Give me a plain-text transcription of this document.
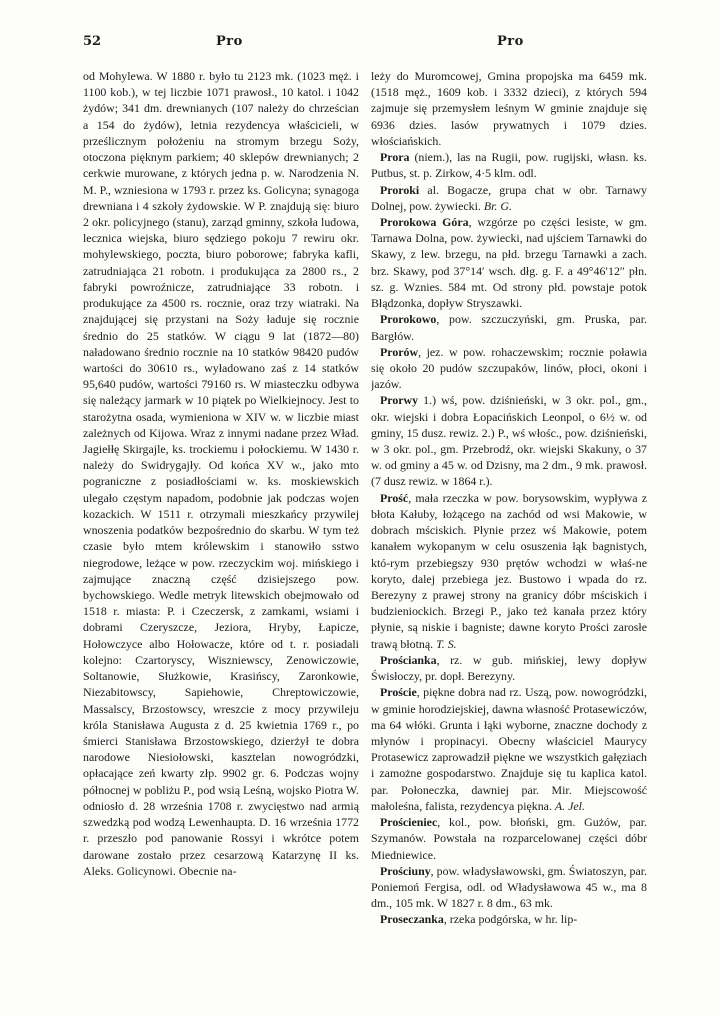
52	Pro	Pro

od Mohylewa. W 1880 r. było tu 2123 mk. (1023 męż. i 1100 kob.), w tej liczbie 1071 prawosł., 10 katol. i 1042 żydów; 341 dm. drewnianych (107 należy do chrześcian a 154 do żydów), letnia rezydencya właścicieli, w prześlicznym położeniu na stromym brzegu Soży, otoczona pięknym parkiem; 40 sklepów drewnianych; 2 cerkwie murowane, z których jedna p. w. Narodzenia N. M. P., wzniesiona w 1793 r. przez ks. Golicyna; synagoga drewniana i 4 szkoły żydowskie. W P. znajdują się: biuro 2 okr. policyjnego (stanu), zarząd gminny, szkoła ludowa, lecznica wiejska, biuro sędziego pokoju 7 rewiru okr. mohylewskiego, poczta, biuro poborowe; fabryka kafli, zatrudniająca 21 robotn. i produkująca za 2800 rs., 2 fabryki powroźnicze, zatrudniające 33 robotn. i produkujące za 4500 rs. rocznie, oraz trzy wiatraki. Na znajdującej się przystani na Soży ładuje się rocznie średnio do 25 statków. W ciągu 9 lat (1872—80) naładowano średnio rocznie na 10 statków 98420 pudów wartości do 30610 rs., wyładowano zaś z 14 statków 95,640 pudów, wartości 79160 rs. W miasteczku odbywa się należący jarmark w 10 piątek po Wielkiejnocy. Jest to starożytna osada, wymieniona w XIV w. w liczbie miast zależnych od Kijowa. Wraz z innymi nadane przez Wład. Jagiełłę Skirgajle, ks. trockiemu i połockiemu. W 1430 r. należy do Swidrygajły. Od końca XV w., jako mto pograniczne z posiadłościami w. ks. moskiewskich ulegało częstym napadom, podobnie jak podczas wojen kozackich. W 1511 r. otrzymali mieszkańcy przywilej wnoszenia podatków bezpośrednio do skarbu. W tym też czasie było mtem królewskim i stanowiło sstwo niegrodowe, leżące w pow. rzeczyckim woj. mińskiego i zajmujące znaczną część dzisiejszego pow. bychowskiego. Wedle metryk litewskich obejmowało od 1518 r. miasta: P. i Czeczersk, z zamkami, wsiami i dobrami Czeryszcze, Jeziora, Hryby, Łapicze, Hołowczyce albo Hołowacze, które od t. r. posiadali kolejno: Czartoryscy, Wiszniewscy, Zenowiczowie, Soltanowie, Służkowie, Krasińscy, Zaronkowie, Niezabitowscy, Sapiehowie, Chreptowiczowie, Massalscy, Brzostowscy, wreszcie z mocy przywileju króla Stanisława Augusta z d. 25 kwietnia 1769 r., po śmierci Stanisława Brzostowskiego, dzierżył te dobra narodowe Niesiołowski, kasztelan nowogródzki, opłacające zeń kwarty złp. 9902 gr. 6. Podczas wojny północnej w pobliżu P., pod wsią Leśną, wojsko Piotra W. odniosło d. 28 września 1708 r. zwycięstwo nad armią szwedzką pod wodzą Lewenhaupta. D. 16 września 1772 r. przeszło pod panowanie Rossyi i wkrótce potem darowane zostało przez cesarzową Katarzynę II ks. Aleks. Golicynowi. Obecnie na-

leży do Muromcowej, Gmina propojska ma 6459 mk. (1518 męż., 1609 kob. i 3332 dzieci), z których 594 zajmuje się przemysłem leśnym W gminie znajduje się 6936 dzies. lasów prywatnych i 1079 dzies. włościańskich.

Prora (niem.), las na Rugii, pow. rugijski, własn. ks. Putbus, st. p. Zirkow, 4·5 klm. odl.

Proroki al. Bogacze, grupa chat w obr. Tarnawy Dolnej, pow. żywiecki. Br. G.

Prorokowa Góra, wzgórze po części lesiste, w gm. Tarnawa Dolna, pow. żywiecki, nad ujściem Tarnawki do Skawy, z lew. brzegu, na płd. brzegu Tarnawki a zach. brz. Skawy, pod 37°14′ wsch. dłg. g. F. a 49°46′12″ płn. sz. g. Wznies. 584 mt. Od strony płd. powstaje potok Błądzonka, dopływ Stryszawki.

Prorokowo, pow. szczuczyński, gm. Pruska, par. Bargłów.

Prorów, jez. w pow. rohaczewskim; rocznie poławia się około 20 pudów szczupaków, linów, płoci, okoni i jazów.

Prorwy 1.) wś, pow. dziśnieński, w 3 okr. pol., gm., okr. wiejski i dobra Łopacińskich Leonpol, o 6½ w. od gminy, 15 dusz. rewiz. 2.) P., wś włośc., pow. dziśnieński, w 3 okr. pol., gm. Przebrodź, okr. wiejski Skakuny, o 37 w. od gminy a 45 w. od Dzisny, ma 2 dm., 9 mk. prawosł. (7 dusz rewiz. w 1864 r.).

Prość, mała rzeczka w pow. borysowskim, wypływa z błota Kałuby, łożącego na zachód od wsi Makowie, w dobrach mściskich. Płynie przez wś Makowie, potem kanałem wykopanym w celu osuszenia łąk bagnistych, któ-rym przebiegszy 930 prętów wchodzi w właś-ne koryto, dalej przebiega jez. Bustowo i wpada do rz. Berezyny z prawej strony na granicy dóbr mściskich i budzieniockich. Brzegi P., jako też kanała przez który płynie, są niskie i bagniste; dawne koryto Prości zarosłe trawą błotną. T. S.

Prościanka, rz. w gub. mińskiej, lewy dopływ Świsłoczy, pr. dopł. Berezyny.

Proście, piękne dobra nad rz. Uszą, pow. nowogródzki, w gminie horodziejskiej, dawna własność Protasewiczów, ma 64 włóki. Grunta i łąki wyborne, znaczne dochody z młynów i propinacyi. Obecny właściciel Maurycy Protasewicz zaprowadził piękne we wszystkich gałęziach i zamożne gospodarstwo. Znajduje się tu kaplica katol. par. Połoneczka, dawniej par. Mir. Miejscowość małoleśna, falista, rezydencya piękna. A. Jel.

Prościeniec, kol., pow. błoński, gm. Gużów, par. Szymanów. Powstała na rozparcelowanej części dóbr Miedniewice.

Prościuny, pow. władysławowski, gm. Światoszyn, par. Poniemoń Fergisa, odl. od Władysławowa 45 w., ma 8 dm., 105 mk. W 1827 r. 8 dm., 63 mk.

Proseczanka, rzeka podgórska, w hr. lip-
